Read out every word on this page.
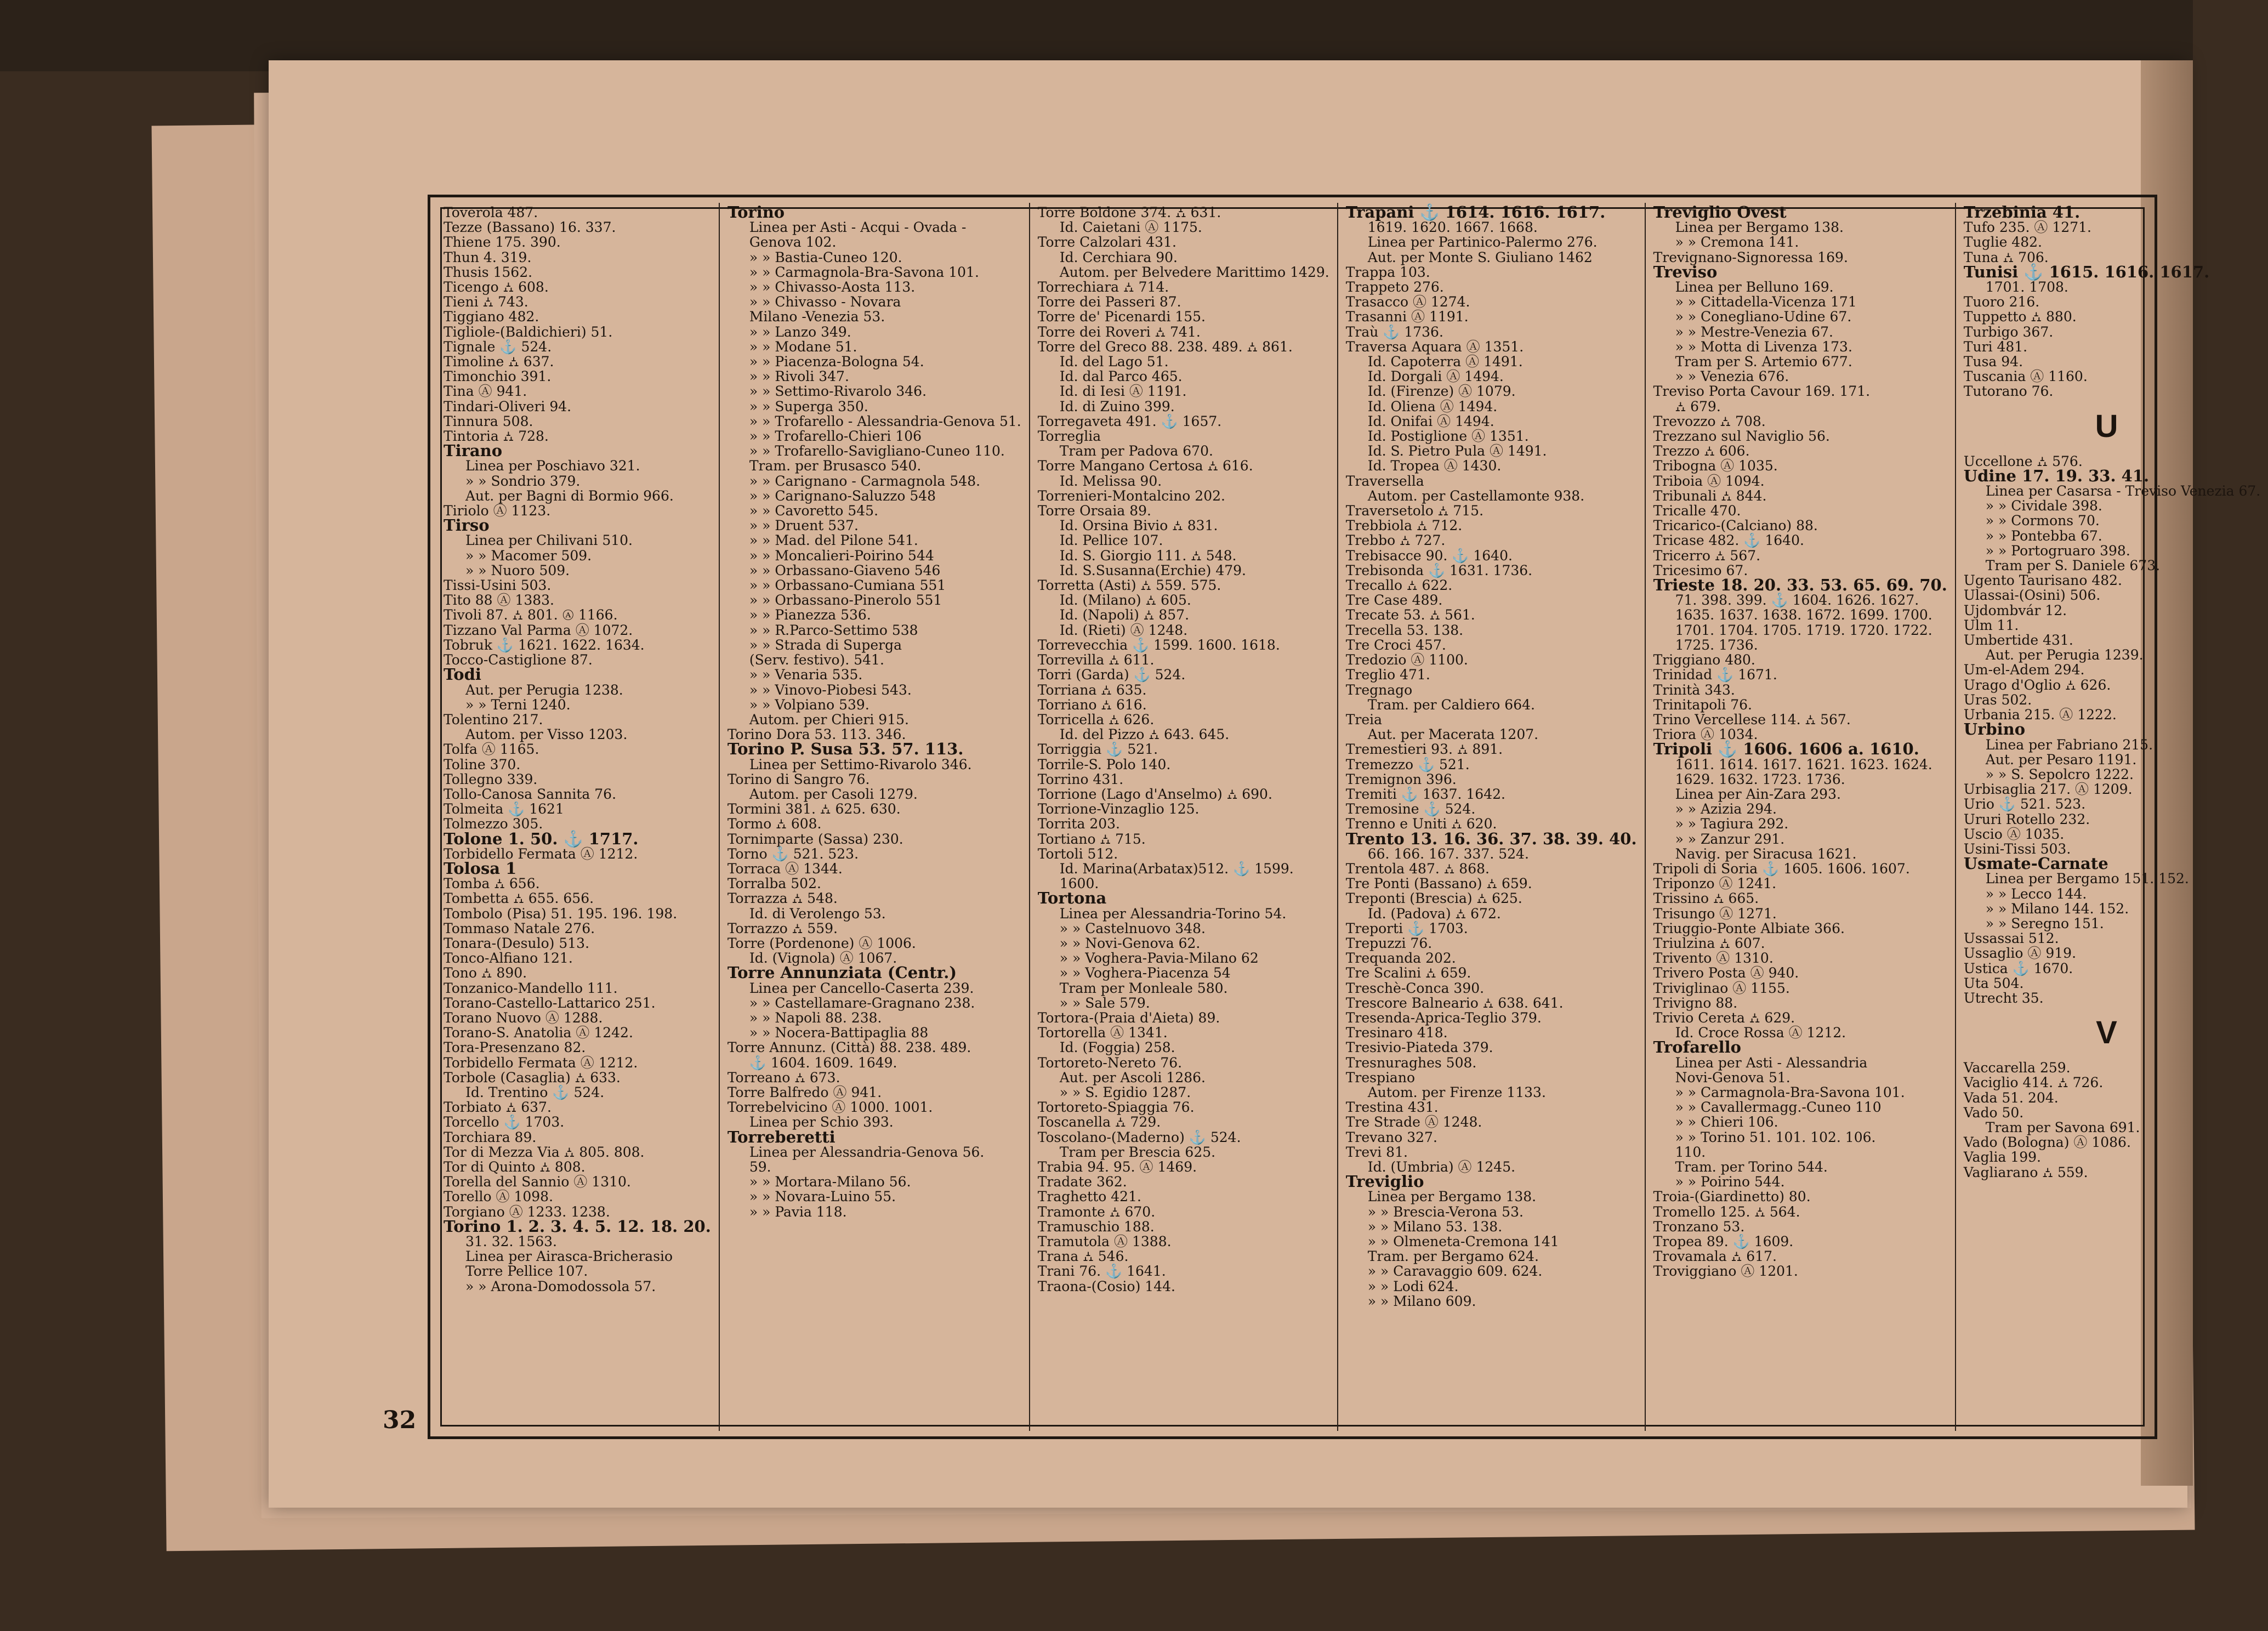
Toverola 487.
Tezze (Bassano) 16. 337.
Thiene 175. 390.
Thun 4. 319.
Thusis 1562.
Ticengo ⛼ 608.
Tieni ⛼ 743.
Tiggiano 482.
Tigliole-(Baldichieri) 51.
Tignale ⚓ 524.
Timoline ⛼ 637.
Timonchio 391.
Tina Ⓐ 941.
Tindari-Oliveri 94.
Tinnura 508.
Tintoria ⛼ 728.
Tirano
Linea per Poschiavo 321.
» » Sondrio 379.
Aut. per Bagni di Bormio 966.
Tiriolo Ⓐ 1123.
Tirso
Linea per Chilivani 510.
» » Macomer 509.
» » Nuoro 509.
Tissi-Usini 503.
Tito 88 Ⓐ 1383.
Tivoli 87. ⛼ 801. Ⓐ 1166.
Tizzano Val Parma Ⓐ 1072.
Tobruk ⚓ 1621. 1622. 1634.
Tocco-Castiglione 87.
Todi
Aut. per Perugia 1238.
» » Terni 1240.
Tolentino 217.
Autom. per Visso 1203.
Tolfa Ⓐ 1165.
Toline 370.
Tollegno 339.
Tollo-Canosa Sannita 76.
Tolmeita ⚓ 1621
Tolmezzo 305.
Tolone 1. 50. ⚓ 1717.
Torbidello Fermata Ⓐ 1212.
Tolosa 1
Tomba ⛼ 656.
Tombetta ⛼ 655. 656.
Tombolo (Pisa) 51. 195. 196. 198.
Tommaso Natale 276.
Tonara-(Desulo) 513.
Tonco-Alfiano 121.
Tono ⛼ 890.
Tonzanico-Mandello 111.
Torano-Castello-Lattarico 251.
Torano Nuovo Ⓐ 1288.
Torano-S. Anatolia Ⓐ 1242.
Tora-Presenzano 82.
Torbidello Fermata Ⓐ 1212.
Torbole (Casaglia) ⛼ 633.
Id. Trentino ⚓ 524.
Torbiato ⛼ 637.
Torcello ⚓ 1703.
Torchiara 89.
Tor di Mezza Via ⛼ 805. 808.
Tor di Quinto ⛼ 808.
Torella del Sannio Ⓐ 1310.
Torello Ⓐ 1098.
Torgiano Ⓐ 1233. 1238.
Torino 1. 2. 3. 4. 5. 12. 18. 20.
31. 32. 1563.
Linea per Airasca-Bricherasio
Torre Pellice 107.
» » Arona-Domodossola 57.
Torino
Linea per Asti - Acqui - Ovada -
Genova 102.
» » Bastia-Cuneo 120.
» » Carmagnola-Bra-Savona 101.
» » Chivasso-Aosta 113.
» » Chivasso - Novara
Milano -Venezia 53.
» » Lanzo 349.
» » Modane 51.
» » Piacenza-Bologna 54.
» » Rivoli 347.
» » Settimo-Rivarolo 346.
» » Superga 350.
» » Trofarello - Alessandria-Genova 51.
» » Trofarello-Chieri 106
» » Trofarello-Savigliano-Cuneo 110.
Tram. per Brusasco 540.
» » Carignano - Carmagnola 548.
» » Carignano-Saluzzo 548
» » Cavoretto 545.
» » Druent 537.
» » Mad. del Pilone 541.
» » Moncalieri-Poirino 544
» » Orbassano-Giaveno 546
» » Orbassano-Cumiana 551
» » Orbassano-Pinerolo 551
» » Pianezza 536.
» » R.Parco-Settimo 538
» » Strada di Superga
(Serv. festivo). 541.
» » Venaria 535.
» » Vinovo-Piobesi 543.
» » Volpiano 539.
Autom. per Chieri 915.
Torino Dora 53. 113. 346.
Torino P. Susa 53. 57. 113.
Linea per Settimo-Rivarolo 346.
Torino di Sangro 76.
Autom. per Casoli 1279.
Tormini 381. ⛼ 625. 630.
Tormo ⛼ 608.
Tornimparte (Sassa) 230.
Torno ⚓ 521. 523.
Torraca Ⓐ 1344.
Torralba 502.
Torrazza ⛼ 548.
Id. di Verolengo 53.
Torrazzo ⛼ 559.
Torre (Pordenone) Ⓐ 1006.
Id. (Vignola) Ⓐ 1067.
Torre Annunziata (Centr.)
Linea per Cancello-Caserta 239.
» » Castellamare-Gragnano 238.
» » Napoli 88. 238.
» » Nocera-Battipaglia 88
Torre Annunz. (Città) 88. 238. 489.
⚓ 1604. 1609. 1649.
Torreano ⛼ 673.
Torre Balfredo Ⓐ 941.
Torrebelvicino Ⓐ 1000. 1001.
Linea per Schio 393.
Torreberetti
Linea per Alessandria-Genova 56.
59.
» » Mortara-Milano 56.
» » Novara-Luino 55.
» » Pavia 118.
Torre Boldone 374. ⛼ 631.
Id. Caietani Ⓐ 1175.
Torre Calzolari 431.
Id. Cerchiara 90.
Autom. per Belvedere Marittimo 1429.
Torrechiara ⛼ 714.
Torre dei Passeri 87.
Torre de' Picenardi 155.
Torre dei Roveri ⛼ 741.
Torre del Greco 88. 238. 489. ⛼ 861.
Id. del Lago 51.
Id. dal Parco 465.
Id. di Iesi Ⓐ 1191.
Id. di Zuino 399.
Torregaveta 491. ⚓ 1657.
Torreglia
Tram per Padova 670.
Torre Mangano Certosa ⛼ 616.
Id. Melissa 90.
Torrenieri-Montalcino 202.
Torre Orsaia 89.
Id. Orsina Bivio ⛼ 831.
Id. Pellice 107.
Id. S. Giorgio 111. ⛼ 548.
Id. S.Susanna(Erchie) 479.
Torretta (Asti) ⛼ 559. 575.
Id. (Milano) ⛼ 605.
Id. (Napoli) ⛼ 857.
Id. (Rieti) Ⓐ 1248.
Torrevecchia ⚓ 1599. 1600. 1618.
Torrevilla ⛼ 611.
Torri (Garda) ⚓ 524.
Torriana ⛼ 635.
Torriano ⛼ 616.
Torricella ⛼ 626.
Id. del Pizzo ⛼ 643. 645.
Torriggia ⚓ 521.
Torrile-S. Polo 140.
Torrino 431.
Torrione (Lago d'Anselmo) ⛼ 690.
Torrione-Vinzaglio 125.
Torrita 203.
Tortiano ⛼ 715.
Tortoli 512.
Id. Marina(Arbatax)512. ⚓ 1599.
1600.
Tortona
Linea per Alessandria-Torino 54.
» » Castelnuovo 348.
» » Novi-Genova 62.
» » Voghera-Pavia-Milano 62
» » Voghera-Piacenza 54
Tram per Monleale 580.
» » Sale 579.
Tortora-(Praia d'Aieta) 89.
Tortorella Ⓐ 1341.
Id. (Foggia) 258.
Tortoreto-Nereto 76.
Aut. per Ascoli 1286.
» » S. Egidio 1287.
Tortoreto-Spiaggia 76.
Toscanella ⛼ 729.
Toscolano-(Maderno) ⚓ 524.
Tram per Brescia 625.
Trabia 94. 95. Ⓐ 1469.
Tradate 362.
Traghetto 421.
Tramonte ⛼ 670.
Tramuschio 188.
Tramutola Ⓐ 1388.
Trana ⛼ 546.
Trani 76. ⚓ 1641.
Traona-(Cosio) 144.
Trapani ⚓ 1614. 1616. 1617.
1619. 1620. 1667. 1668.
Linea per Partinico-Palermo 276.
Aut. per Monte S. Giuliano 1462
Trappa 103.
Trappeto 276.
Trasacco Ⓐ 1274.
Trasanni Ⓐ 1191.
Traù ⚓ 1736.
Traversa Aquara Ⓐ 1351.
Id. Capoterra Ⓐ 1491.
Id. Dorgali Ⓐ 1494.
Id. (Firenze) Ⓐ 1079.
Id. Oliena Ⓐ 1494.
Id. Onifai Ⓐ 1494.
Id. Postiglione Ⓐ 1351.
Id. S. Pietro Pula Ⓐ 1491.
Id. Tropea Ⓐ 1430.
Traversella
Autom. per Castellamonte 938.
Traversetolo ⛼ 715.
Trebbiola ⛼ 712.
Trebbo ⛼ 727.
Trebisacce 90. ⚓ 1640.
Trebisonda ⚓ 1631. 1736.
Trecallo ⛼ 622.
Tre Case 489.
Trecate 53. ⛼ 561.
Trecella 53. 138.
Tre Croci 457.
Tredozio Ⓐ 1100.
Treglio 471.
Tregnago
Tram. per Caldiero 664.
Treia
Aut. per Macerata 1207.
Tremestieri 93. ⛼ 891.
Tremezzo ⚓ 521.
Tremignon 396.
Tremiti ⚓ 1637. 1642.
Tremosine ⚓ 524.
Trenno e Uniti ⛼ 620.
Trento 13. 16. 36. 37. 38. 39. 40.
66. 166. 167. 337. 524.
Trentola 487. ⛼ 868.
Tre Ponti (Bassano) ⛼ 659.
Treponti (Brescia) ⛼ 625.
Id. (Padova) ⛼ 672.
Treporti ⚓ 1703.
Trepuzzi 76.
Trequanda 202.
Tre Scalini ⛼ 659.
Treschè-Conca 390.
Trescore Balneario ⛼ 638. 641.
Tresenda-Aprica-Teglio 379.
Tresinaro 418.
Tresivio-Piateda 379.
Tresnuraghes 508.
Trespiano
Autom. per Firenze 1133.
Trestina 431.
Tre Strade Ⓐ 1248.
Trevano 327.
Trevi 81.
Id. (Umbria) Ⓐ 1245.
Treviglio
Linea per Bergamo 138.
» » Brescia-Verona 53.
» » Milano 53. 138.
» » Olmeneta-Cremona 141
Tram. per Bergamo 624.
» » Caravaggio 609. 624.
» » Lodi 624.
» » Milano 609.
Treviglio Ovest
Linea per Bergamo 138.
» » Cremona 141.
Trevignano-Signoressa 169.
Treviso
Linea per Belluno 169.
» » Cittadella-Vicenza 171
» » Conegliano-Udine 67.
» » Mestre-Venezia 67.
» » Motta di Livenza 173.
Tram per S. Artemio 677.
» » Venezia 676.
Treviso Porta Cavour 169. 171.
⛼ 679.
Trevozzo ⛼ 708.
Trezzano sul Naviglio 56.
Trezzo ⛼ 606.
Tribogna Ⓐ 1035.
Triboia Ⓐ 1094.
Tribunali ⛼ 844.
Tricalle 470.
Tricarico-(Calciano) 88.
Tricase 482. ⚓ 1640.
Tricerro ⛼ 567.
Tricesimo 67.
Trieste 18. 20. 33. 53. 65. 69. 70.
71. 398. 399. ⚓ 1604. 1626. 1627.
1635. 1637. 1638. 1672. 1699. 1700.
1701. 1704. 1705. 1719. 1720. 1722.
1725. 1736.
Triggiano 480.
Trinidad ⚓ 1671.
Trinità 343.
Trinitapoli 76.
Trino Vercellese 114. ⛼ 567.
Triora Ⓐ 1034.
Tripoli ⚓ 1606. 1606 a. 1610.
1611. 1614. 1617. 1621. 1623. 1624.
1629. 1632. 1723. 1736.
Linea per Ain-Zara 293.
» » Azizia 294.
» » Tagiura 292.
» » Zanzur 291.
Navig. per Siracusa 1621.
Tripoli di Soria ⚓ 1605. 1606. 1607.
Triponzo Ⓐ 1241.
Trissino ⛼ 665.
Trisungo Ⓐ 1271.
Triuggio-Ponte Albiate 366.
Triulzina ⛼ 607.
Trivento Ⓐ 1310.
Trivero Posta Ⓐ 940.
Triviglinao Ⓐ 1155.
Trivigno 88.
Trivio Cereta ⛼ 629.
Id. Croce Rossa Ⓐ 1212.
Trofarello
Linea per Asti - Alessandria
Novi-Genova 51.
» » Carmagnola-Bra-Savona 101.
» » Cavallermagg.-Cuneo 110
» » Chieri 106.
» » Torino 51. 101. 102. 106.
110.
Tram. per Torino 544.
» » Poirino 544.
Troia-(Giardinetto) 80.
Tromello 125. ⛼ 564.
Tronzano 53.
Tropea 89. ⚓ 1609.
Trovamala ⛼ 617.
Troviggiano Ⓐ 1201.
Trzebinia 41.
Tufo 235. Ⓐ 1271.
Tuglie 482.
Tuna ⛼ 706.
Tunisi ⚓ 1615. 1616. 1617.
1701. 1708.
Tuoro 216.
Tuppetto ⛼ 880.
Turbigo 367.
Turi 481.
Tusa 94.
Tuscania Ⓐ 1160.
Tutorano 76.
U
Uccellone ⛼ 576.
Udine 17. 19. 33. 41.
Linea per Casarsa - Treviso Venezia 67.
» » Cividale 398.
» » Cormons 70.
» » Pontebba 67.
» » Portogruaro 398.
Tram per S. Daniele 673.
Ugento Taurisano 482.
Ulassai-(Osini) 506.
Ujdombvár 12.
Ulm 11.
Umbertide 431.
Aut. per Perugia 1239.
Um-el-Adem 294.
Urago d'Oglio ⛼ 626.
Uras 502.
Urbania 215. Ⓐ 1222.
Urbino
Linea per Fabriano 215.
Aut. per Pesaro 1191.
» » S. Sepolcro 1222.
Urbisaglia 217. Ⓐ 1209.
Urio ⚓ 521. 523.
Ururi Rotello 232.
Uscio Ⓐ 1035.
Usini-Tissi 503.
Usmate-Carnate
Linea per Bergamo 151. 152.
» » Lecco 144.
» » Milano 144. 152.
» » Seregno 151.
Ussassai 512.
Ussaglio Ⓐ 919.
Ustica ⚓ 1670.
Uta 504.
Utrecht 35.
V
Vaccarella 259.
Vaciglio 414. ⛼ 726.
Vada 51. 204.
Vado 50.
Tram per Savona 691.
Vado (Bologna) Ⓐ 1086.
Vaglia 199.
Vagliarano ⛼ 559.
32
